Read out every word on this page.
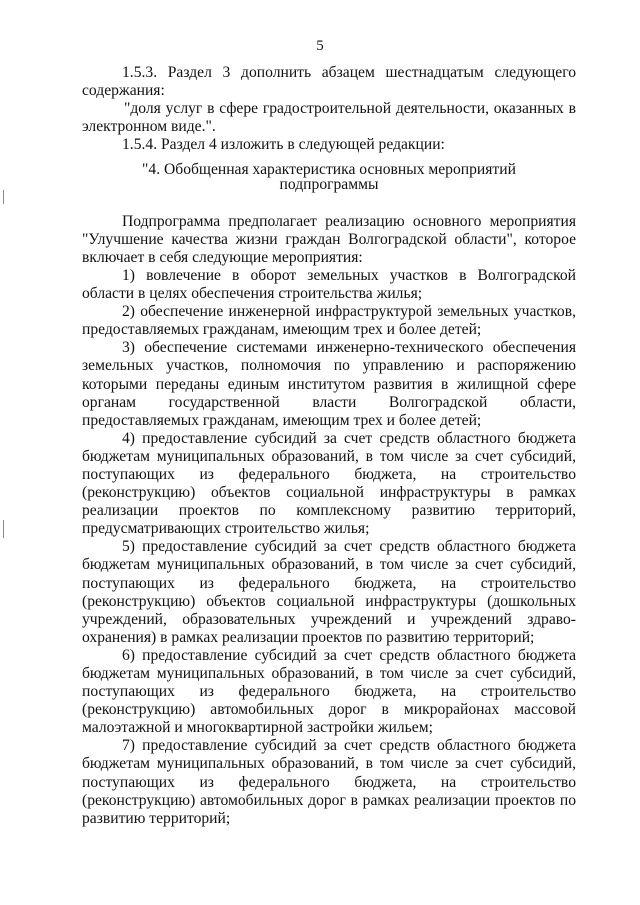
5

1.5.3. Раздел 3 дополнить абзацем шестнадцатым следующего содержания:

"доля услуг в сфере градостроительной деятельности, оказанных в электронном виде.".

1.5.4. Раздел 4 изложить в следующей редакции:

"4. Обобщенная характеристика основных мероприятий

подпрограммы

Подпрограмма предполагает реализацию основного мероприятия "Улучшение качества жизни граждан Волгоградской области", которое включает в себя следующие мероприятия:

1) вовлечение в оборот земельных участков в Волгоградской области в целях обеспечения строительства жилья;

2) обеспечение инженерной инфраструктурой земельных участков, предоставляемых гражданам, имеющим трех и более детей;

3) обеспечение системами инженерно-технического обеспечения земельных участков, полномочия по управлению и распоряжению которыми переданы единым институтом развития в жилищной сфере органам государственной власти Волгоградской области, предоставляемых гражданам, имеющим трех и более детей;

4) предоставление субсидий за счет средств областного бюджета бюджетам муниципальных образований, в том числе за счет субсидий, поступающих из федерального бюджета, на строительство (реконструкцию) объектов социальной инфраструктуры в рамках реализации проектов по комплексному развитию территорий, предусматривающих строительство жилья;

5) предоставление субсидий за счет средств областного бюджета бюджетам муниципальных образований, в том числе за счет субсидий, поступающих из федерального бюджета, на строительство (реконструкцию) объектов социальной инфраструктуры (дошкольных учреждений, образовательных учреждений и учреждений здраво-охранения) в рамках реализации проектов по развитию территорий;

6) предоставление субсидий за счет средств областного бюджета бюджетам муниципальных образований, в том числе за счет субсидий, поступающих из федерального бюджета, на строительство (реконструкцию) автомобильных дорог в микрорайонах массовой малоэтажной и многоквартирной застройки жильем;

7) предоставление субсидий за счет средств областного бюджета бюджетам муниципальных образований, в том числе за счет субсидий, поступающих из федерального бюджета, на строительство (реконструкцию) автомобильных дорог в рамках реализации проектов по развитию территорий;
